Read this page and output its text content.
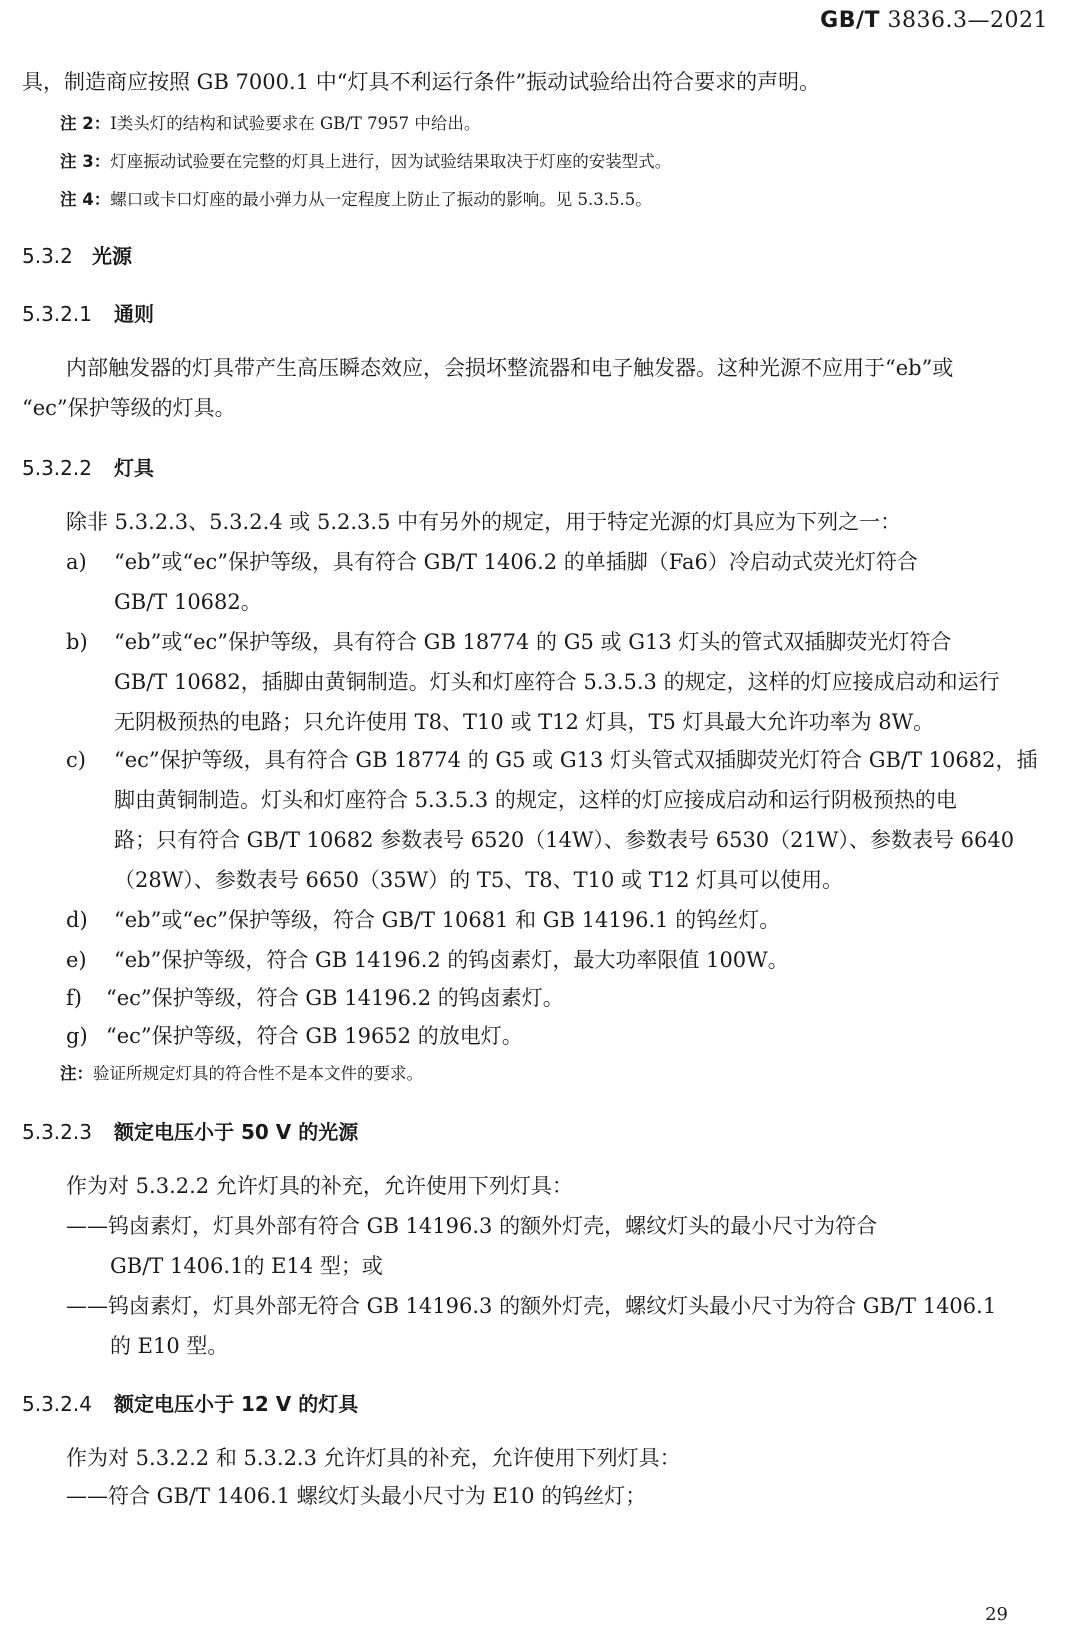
GB/T 3836.3—2021
具，制造商应按照 GB 7000.1 中“灯具不利运行条件”振动试验给出符合要求的声明。
注 2：Ⅰ类头灯的结构和试验要求在 GB/T 7957 中给出。
注 3：灯座振动试验要在完整的灯具上进行，因为试验结果取决于灯座的安装型式。
注 4：螺口或卡口灯座的最小弹力从一定程度上防止了振动的影响。见 5.3.5.5。
5.3.2 光源
5.3.2.1 通则
内部触发器的灯具带产生高压瞬态效应，会损坏整流器和电子触发器。这种光源不应用于“eb”或
“ec”保护等级的灯具。
5.3.2.2 灯具
除非 5.3.2.3、5.3.2.4 或 5.2.3.5 中有另外的规定，用于特定光源的灯具应为下列之一：
a) “eb”或“ec”保护等级，具有符合 GB/T 1406.2 的单插脚（Fa6）冷启动式荧光灯符合
GB/T 10682。
b) “eb”或“ec”保护等级，具有符合 GB 18774 的 G5 或 G13 灯头的管式双插脚荧光灯符合
GB/T 10682，插脚由黄铜制造。灯头和灯座符合 5.3.5.3 的规定，这样的灯应接成启动和运行
无阴极预热的电路；只允许使用 T8、T10 或 T12 灯具，T5 灯具最大允许功率为 8W。
c) “ec”保护等级，具有符合 GB 18774 的 G5 或 G13 灯头管式双插脚荧光灯符合 GB/T 10682，插
脚由黄铜制造。灯头和灯座符合 5.3.5.3 的规定，这样的灯应接成启动和运行阴极预热的电
路；只有符合 GB/T 10682 参数表号 6520（14W）、参数表号 6530（21W）、参数表号 6640
（28W）、参数表号 6650（35W）的 T5、T8、T10 或 T12 灯具可以使用。
d) “eb”或“ec”保护等级，符合 GB/T 10681 和 GB 14196.1 的钨丝灯。
e) “eb”保护等级，符合 GB 14196.2 的钨卤素灯，最大功率限值 100W。
f) “ec”保护等级，符合 GB 14196.2 的钨卤素灯。
g) “ec”保护等级，符合 GB 19652 的放电灯。
注：验证所规定灯具的符合性不是本文件的要求。
5.3.2.3 额定电压小于 50 V 的光源
作为对 5.3.2.2 允许灯具的补充，允许使用下列灯具：
——钨卤素灯，灯具外部有符合 GB 14196.3 的额外灯壳，螺纹灯头的最小尺寸为符合
GB/T 1406.1的 E14 型；或
——钨卤素灯，灯具外部无符合 GB 14196.3 的额外灯壳，螺纹灯头最小尺寸为符合 GB/T 1406.1
的 E10 型。
5.3.2.4 额定电压小于 12 V 的灯具
作为对 5.3.2.2 和 5.3.2.3 允许灯具的补充，允许使用下列灯具：
——符合 GB/T 1406.1 螺纹灯头最小尺寸为 E10 的钨丝灯；
29
